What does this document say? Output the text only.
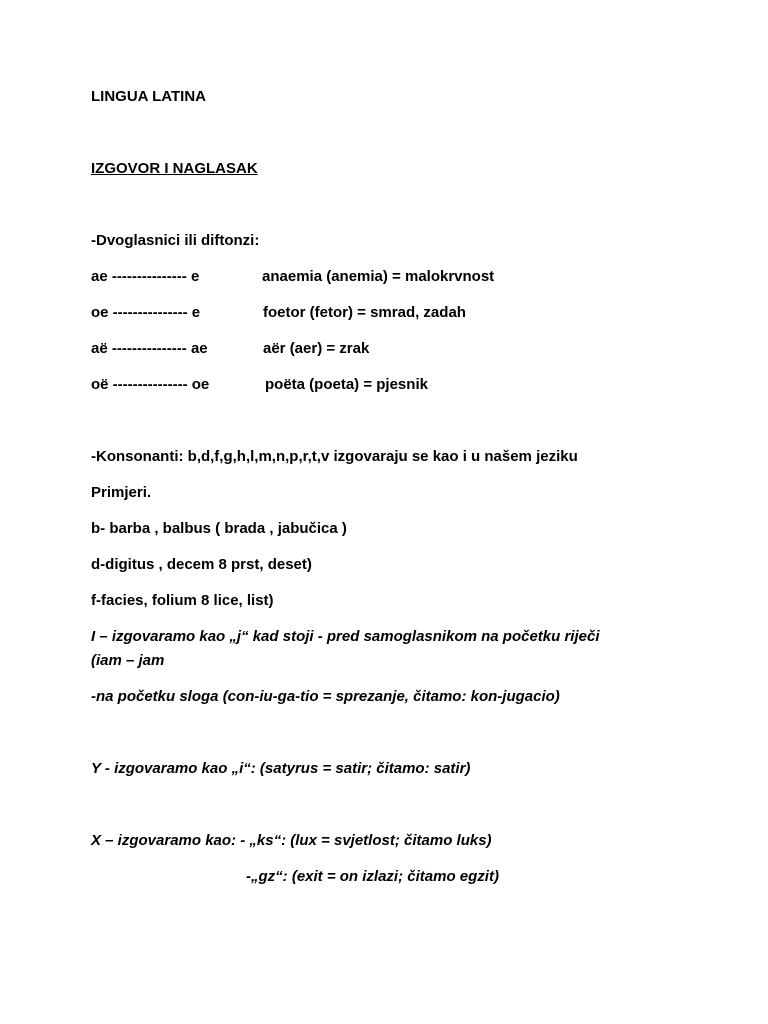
LINGUA LATINA
IZGOVOR I NAGLASAK
-Dvoglasnici ili diftonzi:
ae --------------- e	anaemia (anemia) = malokrvnost
oe --------------- e	foetor (fetor) = smrad, zadah
aë --------------- ae	aër (aer) = zrak
oë --------------- oe	poëta (poeta) = pjesnik
-Konsonanti: b,d,f,g,h,l,m,n,p,r,t,v izgovaraju se kao i u našem jeziku
Primjeri.
b- barba , balbus ( brada , jabučica )
d-digitus , decem 8 prst, deset)
f-facies, folium 8 lice, list)
I – izgovaramo kao „j“ kad stoji - pred samoglasnikom na početku riječi
(iam – jam
-na početku sloga (con-iu-ga-tio = sprezanje, čitamo: kon-jugacio)
Y - izgovaramo kao „i“: (satyrus = satir; čitamo: satir)
X – izgovaramo kao: - „ks“: (lux = svjetlost; čitamo luks)
-„gz“: (exit = on izlazi; čitamo egzit)
